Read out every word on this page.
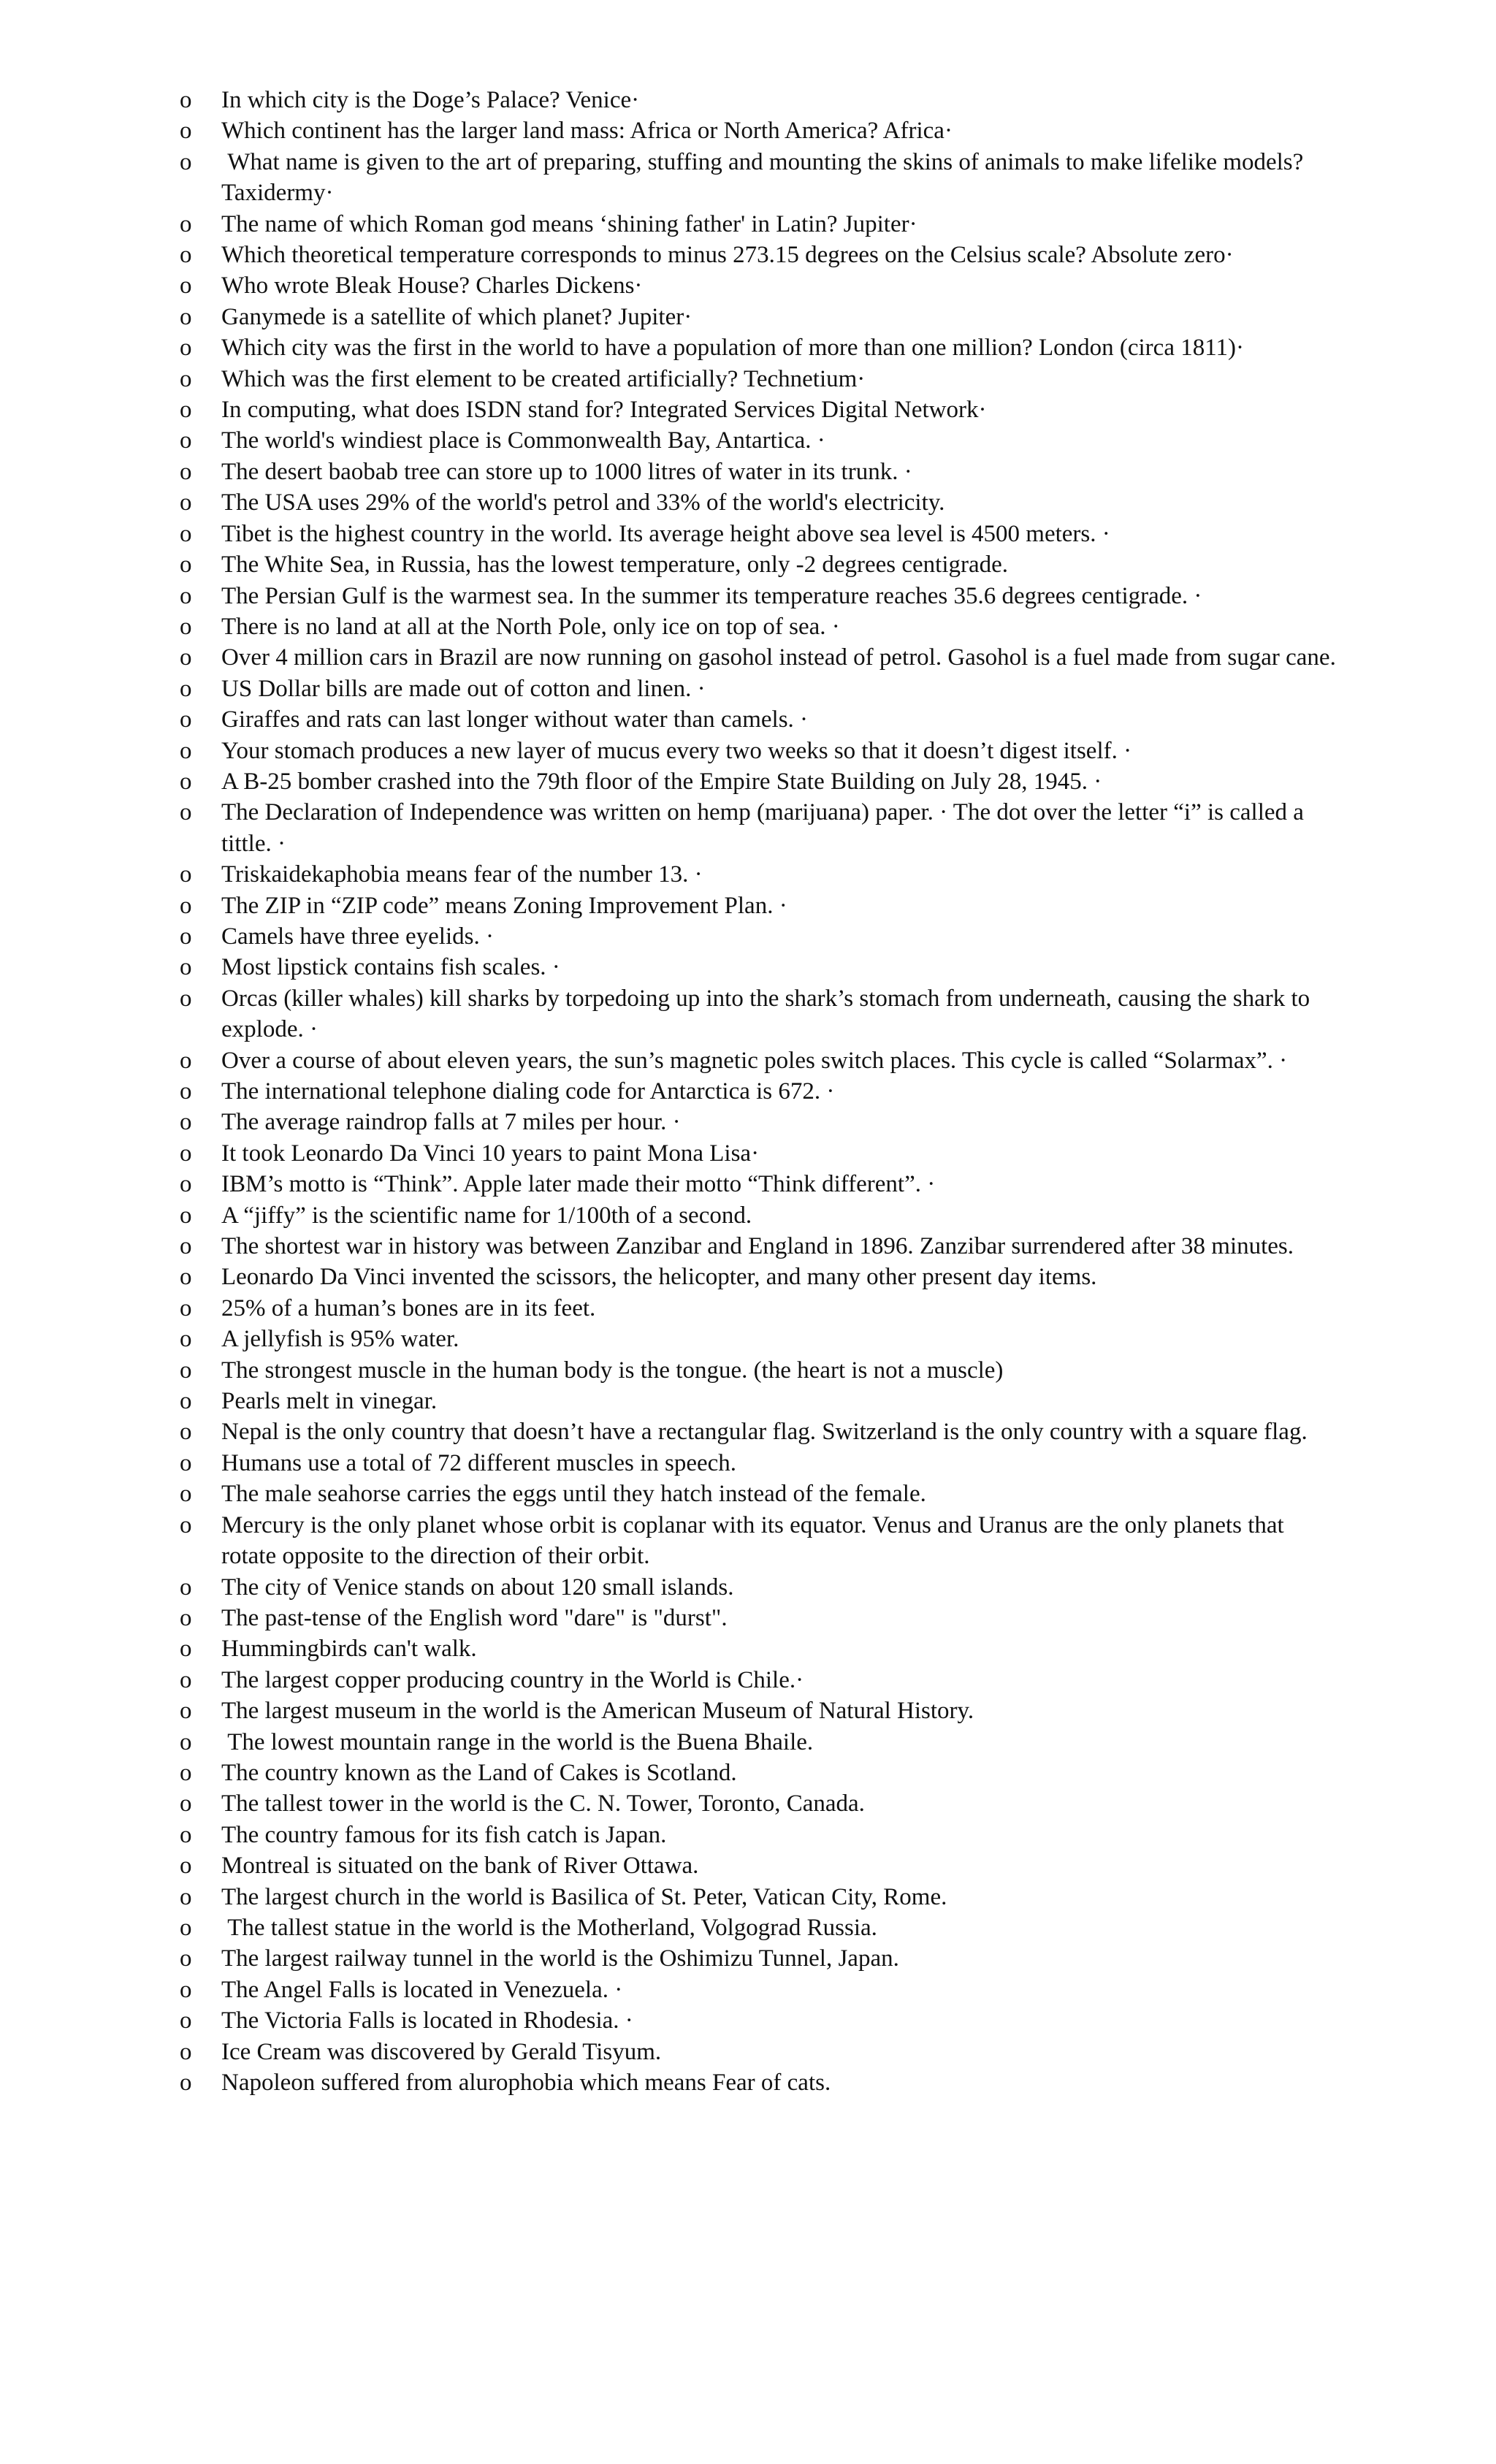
o	In which city is the Doge’s Palace? Venice·
o	Which continent has the larger land mass: Africa or North America? Africa·
o	What name is given to the art of preparing, stuffing and mounting the skins of animals to make lifelike models? Taxidermy·
o	The name of which Roman god means ‘shining father' in Latin? Jupiter·
o	Which theoretical temperature corresponds to minus 273.15 degrees on the Celsius scale? Absolute zero·
o	Who wrote Bleak House? Charles Dickens·
o	Ganymede is a satellite of which planet? Jupiter·
o	Which city was the first in the world to have a population of more than one million? London (circa 1811)·
o	Which was the first element to be created artificially? Technetium·
o	In computing, what does ISDN stand for? Integrated Services Digital Network·
o	The world's windiest place is Commonwealth Bay, Antartica. ·
o	The desert baobab tree can store up to 1000 litres of water in its trunk. ·
o	The USA uses 29% of the world's petrol and 33% of the world's electricity.
o	Tibet is the highest country in the world. Its average height above sea level is 4500 meters. ·
o	The White Sea, in Russia, has the lowest temperature, only -2 degrees centigrade.
o	The Persian Gulf is the warmest sea. In the summer its temperature reaches 35.6 degrees centigrade. ·
o	There is no land at all at the North Pole, only ice on top of sea. ·
o	Over 4 million cars in Brazil are now running on gasohol instead of petrol. Gasohol is a fuel made from sugar cane.
o	US Dollar bills are made out of cotton and linen. ·
o	Giraffes and rats can last longer without water than camels. ·
o	Your stomach produces a new layer of mucus every two weeks so that it doesn’t digest itself. ·
o	A B-25 bomber crashed into the 79th floor of the Empire State Building on July 28, 1945. ·
o	The Declaration of Independence was written on hemp (marijuana) paper. · The dot over the letter “i” is called a tittle. ·
o	Triskaidekaphobia means fear of the number 13. ·
o	The ZIP in “ZIP code” means Zoning Improvement Plan. ·
o	Camels have three eyelids. ·
o	Most lipstick contains fish scales. ·
o	Orcas (killer whales) kill sharks by torpedoing up into the shark’s stomach from underneath, causing the shark to explode. ·
o	Over a course of about eleven years, the sun’s magnetic poles switch places. This cycle is called “Solarmax”. ·
o	The international telephone dialing code for Antarctica is 672. ·
o	The average raindrop falls at 7 miles per hour. ·
o	It took Leonardo Da Vinci 10 years to paint Mona Lisa·
o	IBM’s motto is “Think”. Apple later made their motto “Think different”. ·
o	A “jiffy” is the scientific name for 1/100th of a second.
o	The shortest war in history was between Zanzibar and England in 1896. Zanzibar surrendered after 38 minutes.
o	Leonardo Da Vinci invented the scissors, the helicopter, and many other present day items.
o	25% of a human’s bones are in its feet.
o	A jellyfish is 95% water.
o	The strongest muscle in the human body is the tongue. (the heart is not a muscle)
o	Pearls melt in vinegar.
o	Nepal is the only country that doesn’t have a rectangular flag. Switzerland is the only country with a square flag.
o	Humans use a total of 72 different muscles in speech.
o	The male seahorse carries the eggs until they hatch instead of the female.
o	Mercury is the only planet whose orbit is coplanar with its equator. Venus and Uranus are the only planets that rotate opposite to the direction of their orbit.
o	The city of Venice stands on about 120 small islands.
o	The past-tense of the English word "dare" is "durst".
o	Hummingbirds can't walk.
o	The largest copper producing country in the World is Chile.·
o	The largest museum in the world is the American Museum of Natural History.
o	The lowest mountain range in the world is the Buena Bhaile.
o	The country known as the Land of Cakes is Scotland.
o	The tallest tower in the world is the C. N. Tower, Toronto, Canada.
o	The country famous for its fish catch is Japan.
o	Montreal is situated on the bank of River Ottawa.
o	The largest church in the world is Basilica of St. Peter, Vatican City, Rome.
o	The tallest statue in the world is the Motherland, Volgograd Russia.
o	The largest railway tunnel in the world is the Oshimizu Tunnel, Japan.
o	The Angel Falls is located in Venezuela. ·
o	The Victoria Falls is located in Rhodesia. ·
o	Ice Cream was discovered by Gerald Tisyum.
o	Napoleon suffered from alurophobia which means Fear of cats.
